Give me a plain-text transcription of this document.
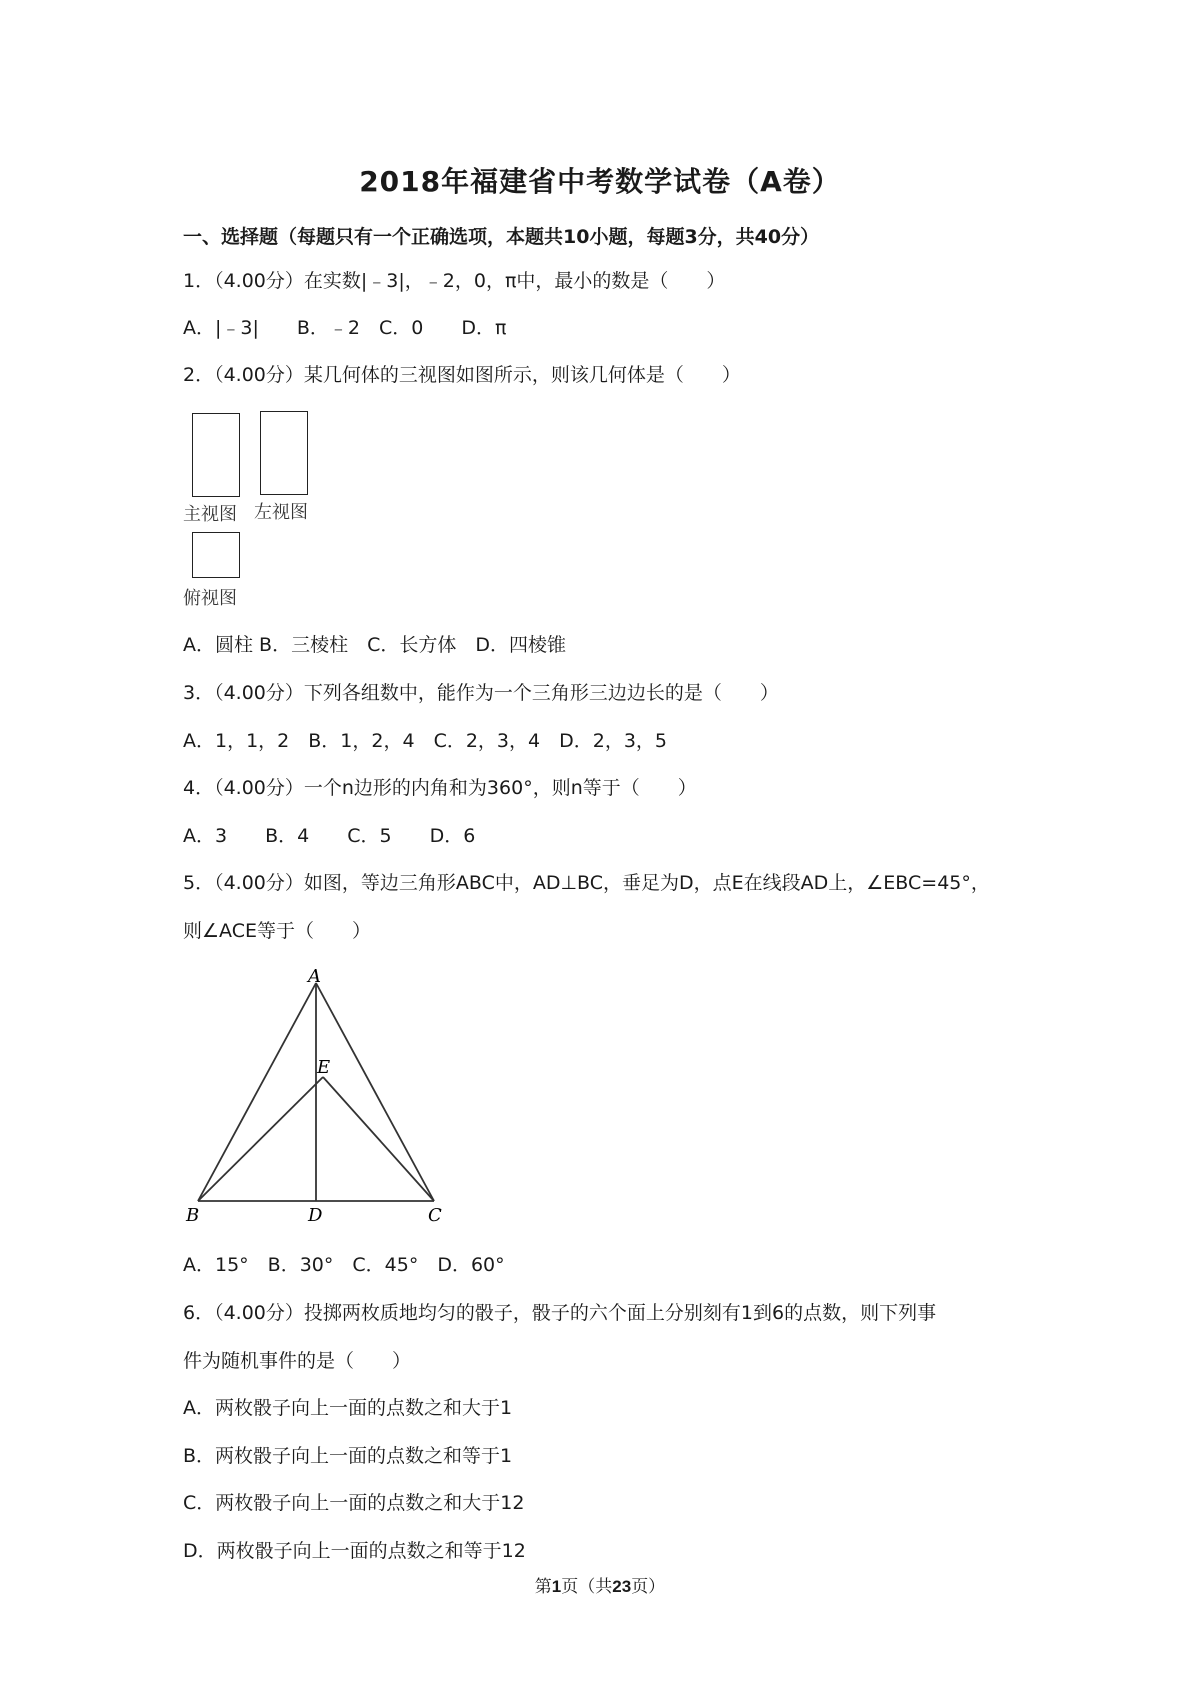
2018年福建省中考数学试卷（A卷）
一、选择题（每题只有一个正确选项，本题共10小题，每题3分，共40分）
1．（4.00分）在实数|﹣3|，﹣2，0，π中，最小的数是（　　）
A．|﹣3|　　B．﹣2　C．0　　D．π
2．（4.00分）某几何体的三视图如图所示，则该几何体是（　　）
主视图 左视图
俯视图
A．圆柱 B．三棱柱　C．长方体　D．四棱锥
3．（4.00分）下列各组数中，能作为一个三角形三边边长的是（　　）
A．1，1，2　B．1，2，4　C．2，3，4　D．2，3，5
4．（4.00分）一个n边形的内角和为360°，则n等于（　　）
A．3　　B．4　　C．5　　D．6
5．（4.00分）如图，等边三角形ABC中，AD⊥BC，垂足为D，点E在线段AD上，∠EBC=45°，
则∠ACE等于（　　）
A
E
B	D	C
A．15°　B．30°　C．45°　D．60°
6．（4.00分）投掷两枚质地均匀的骰子，骰子的六个面上分别刻有1到6的点数，则下列事
件为随机事件的是（　　）
A．两枚骰子向上一面的点数之和大于1
B．两枚骰子向上一面的点数之和等于1
C．两枚骰子向上一面的点数之和大于12
D．两枚骰子向上一面的点数之和等于12
第1页（共23页）
